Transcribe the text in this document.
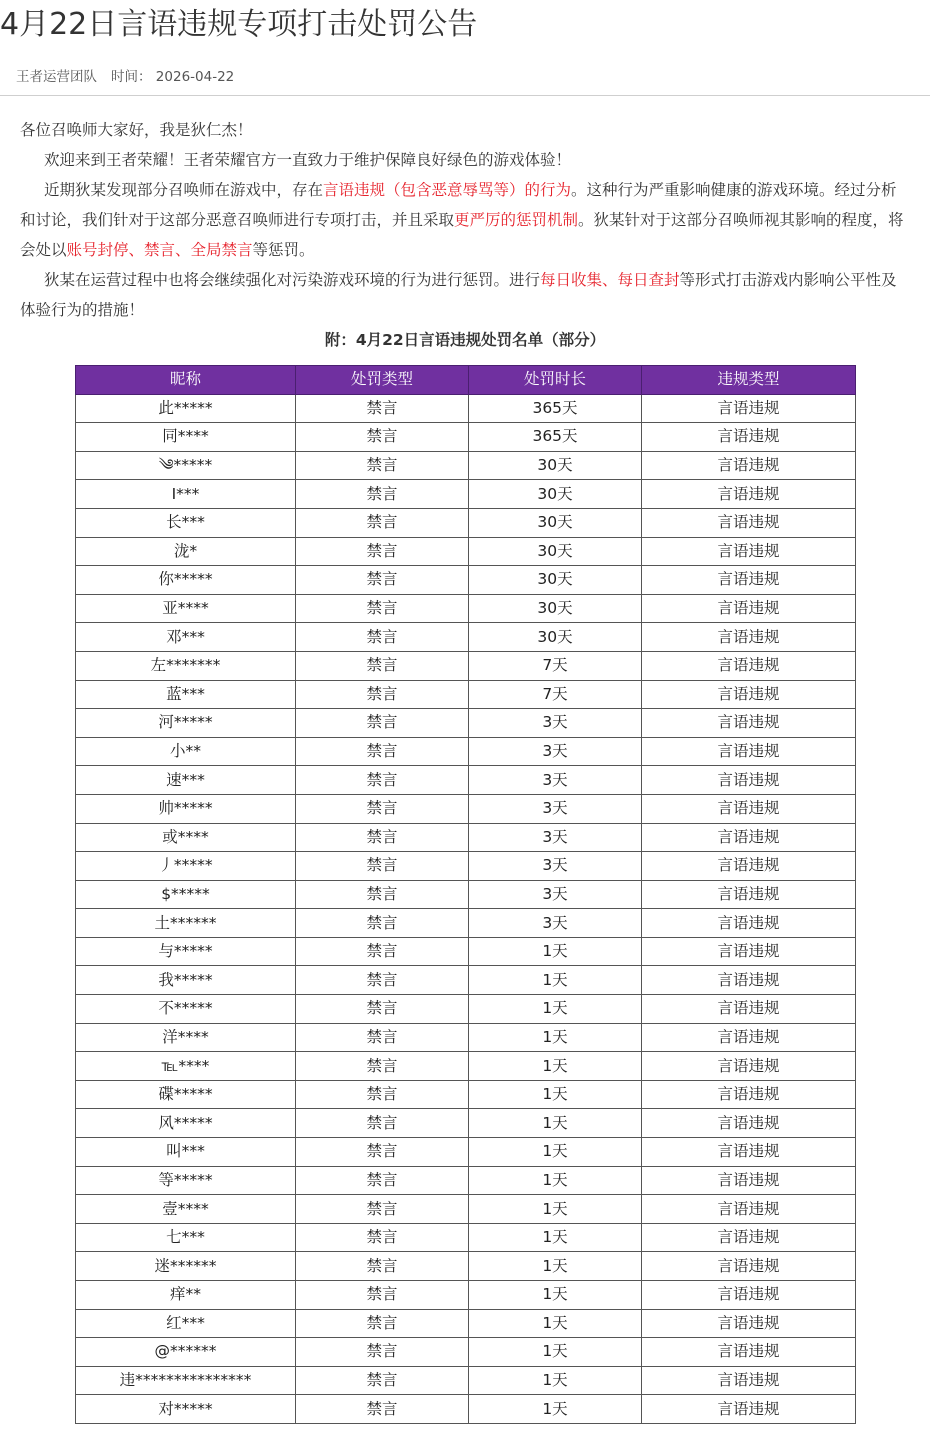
4月22日言语违规专项打击处罚公告
王者运营团队 时间： 2026-04-22

各位召唤师大家好，我是狄仁杰！

欢迎来到王者荣耀！王者荣耀官方一直致力于维护保障良好绿色的游戏体验！

近期狄某发现部分召唤师在游戏中，存在言语违规（包含恶意辱骂等）的行为。这种行为严重影响健康的游戏环境。经过分析和讨论，我们针对于这部分恶意召唤师进行专项打击，并且采取更严厉的惩罚机制。狄某针对于这部分召唤师视其影响的程度，将会处以账号封停、禁言、全局禁言等惩罚。

狄某在运营过程中也将会继续强化对污染游戏环境的行为进行惩罚。进行每日收集、每日查封等形式打击游戏内影响公平性及体验行为的措施！

附：4月22日言语违规处罚名单（部分）
昵称	处罚类型	处罚时长	违规类型
此*****	禁言	365天	言语违规
同****	禁言	365天	言语违规
༄*****	禁言	30天	言语违规
I***	禁言	30天	言语违规
长***	禁言	30天	言语违规
泷*	禁言	30天	言语违规
你*****	禁言	30天	言语违规
亚****	禁言	30天	言语违规
邓***	禁言	30天	言语违规
左*******	禁言	7天	言语违规
蓝***	禁言	7天	言语违规
河*****	禁言	3天	言语违规
小**	禁言	3天	言语违规
速***	禁言	3天	言语违规
帅*****	禁言	3天	言语违规
或****	禁言	3天	言语违规
丿*****	禁言	3天	言语违规
$*****	禁言	3天	言语违规
土******	禁言	3天	言语违规
与*****	禁言	1天	言语违规
我*****	禁言	1天	言语违规
不*****	禁言	1天	言语违规
洋****	禁言	1天	言语违规
℡****	禁言	1天	言语违规
碟*****	禁言	1天	言语违规
风*****	禁言	1天	言语违规
叫***	禁言	1天	言语违规
等*****	禁言	1天	言语违规
壹****	禁言	1天	言语违规
七***	禁言	1天	言语违规
迷******	禁言	1天	言语违规
痒**	禁言	1天	言语违规
红***	禁言	1天	言语违规
@******	禁言	1天	言语违规
违***************	禁言	1天	言语违规
对*****	禁言	1天	言语违规
